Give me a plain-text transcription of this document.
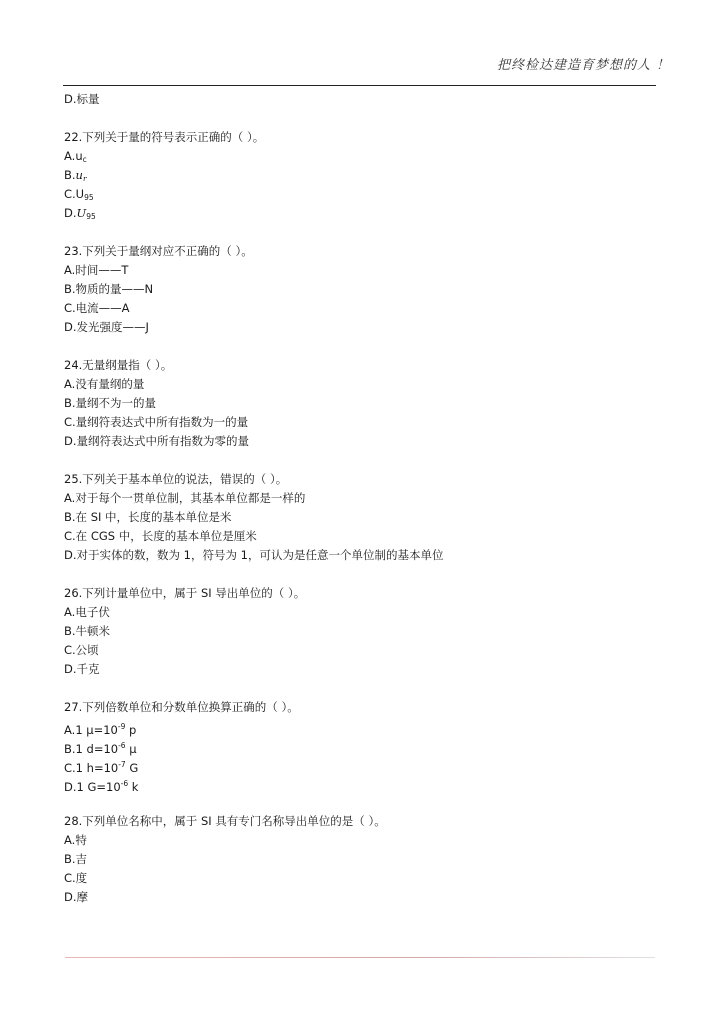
把终检达建造育梦想的人 ！
D.标量
22.下列关于量的符号表示正确的（ ）。
$A.u_c$
$B.u_r$
$C.U_{95}$
$D.U_{95}$
23.下列关于量纲对应不正确的（ ）。
A.时间——T
B.物质的量——N
C.电流——A
D.发光强度——J
24.无量纲量指（ ）。
A.没有量纲的量
B.量纲不为一的量
C.量纲符表达式中所有指数为一的量
D.量纲符表达式中所有指数为零的量
25.下列关于基本单位的说法，错误的（ ）。
A.对于每个一贯单位制，其基本单位都是一样的
B.在 SI 中，长度的基本单位是米
C.在 CGS 中，长度的基本单位是厘米
D.对于实体的数，数为 1，符号为 1，可认为是任意一个单位制的基本单位
26.下列计量单位中，属于 SI 导出单位的（ ）。
A.电子伏
B.牛顿米
C.公顷
D.千克
27.下列倍数单位和分数单位换算正确的（ ）。
A.1 $\mu=10^{-9}$ p
B.1 $d=10^{-6}$ μ
C.1 $h=10^{-7}$ G
D.1 $G=10^{-6}$ k
28.下列单位名称中，属于 SI 具有专门名称导出单位的是（ ）。
A.特
B.吉
C.度
D.摩
